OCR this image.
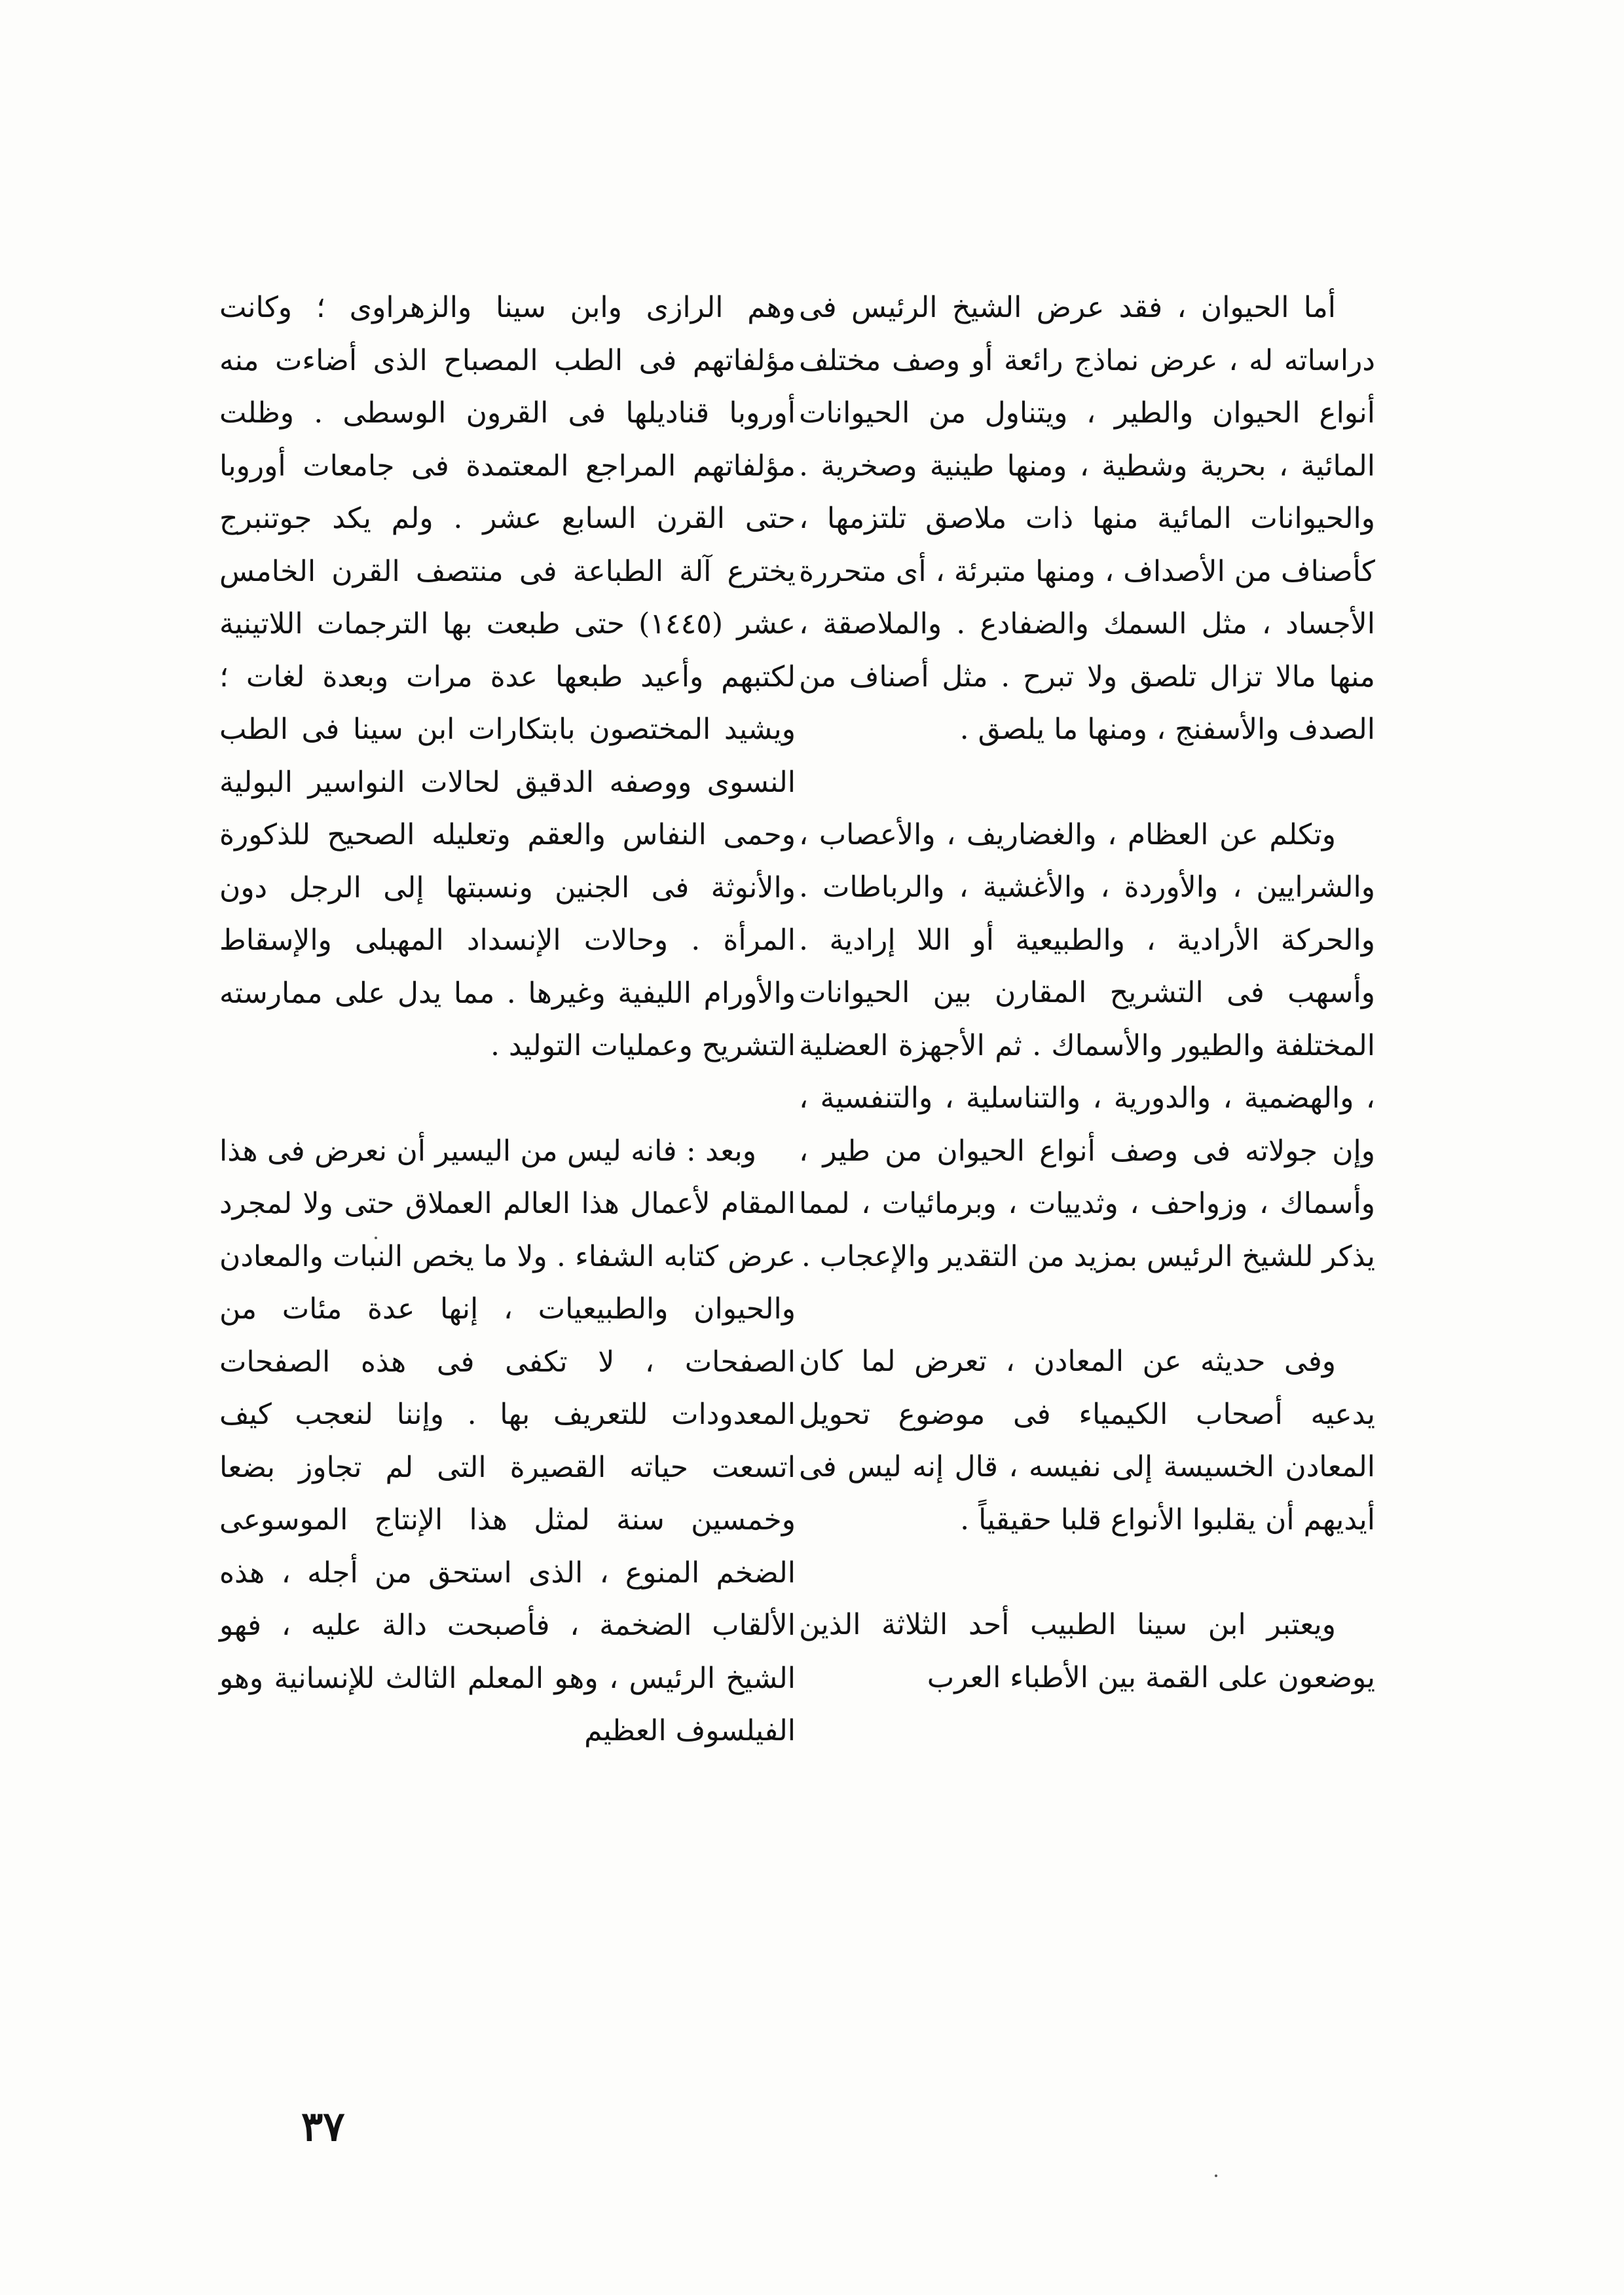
أما الحيوان ، فقد عرض الشيخ الرئيس فى دراساته له ، عرض نماذج رائعة أو وصف مختلف أنواع الحيوان والطير ، ويتناول من الحيوانات المائية ، بحرية وشطية ، ومنها طينية وصخرية . والحيوانات المائية منها ذات ملاصق تلتزمها ، كأصناف من الأصداف ، ومنها متبرئة ، أى متحررة الأجساد ، مثل السمك والضفادع . والملاصقة ، منها مالا تزال تلصق ولا تبرح . مثل أصناف من الصدف والأسفنج ، ومنها ما يلصق .

وتكلم عن العظام ، والغضاريف ، والأعصاب ، والشرايين ، والأوردة ، والأغشية ، والرباطات . والحركة الأرادية ، والطبيعية أو اللا إرادية . وأسهب فى التشريح المقارن بين الحيوانات المختلفة والطيور والأسماك . ثم الأجهزة العضلية ، والهضمية ، والدورية ، والتناسلية ، والتنفسية ، وإن جولاته فى وصف أنواع الحيوان من طير ، وأسماك ، وزواحف ، وثدييات ، وبرمائيات ، لمما يذكر للشيخ الرئيس بمزيد من التقدير والإعجاب .

وفى حديثه عن المعادن ، تعرض لما كان يدعيه أصحاب الكيمياء فى موضوع تحويل المعادن الخسيسة إلى نفيسه ، قال إنه ليس فى أيديهم أن يقلبوا الأنواع قلبا حقيقياً .

ويعتبر ابن سينا الطبيب أحد الثلاثة الذين يوضعون على القمة بين الأطباء العرب

وهم الرازى وابن سينا والزهراوى ؛ وكانت مؤلفاتهم فى الطب المصباح الذى أضاءت منه أوروبا قناديلها فى القرون الوسطى . وظلت مؤلفاتهم المراجع المعتمدة فى جامعات أوروبا حتى القرن السابع عشر . ولم يكد جوتنبرج يخترع آلة الطباعة فى منتصف القرن الخامس عشر (١٤٤٥) حتى طبعت بها الترجمات اللاتينية لكتبهم وأعيد طبعها عدة مرات وبعدة لغات ؛ ويشيد المختصون بابتكارات ابن سينا فى الطب النسوى ووصفه الدقيق لحالات النواسير البولية وحمى النفاس والعقم وتعليله الصحيح للذكورة والأنوثة فى الجنين ونسبتها إلى الرجل دون المرأة . وحالات الإنسداد المهبلى والإسقاط والأورام الليفية وغيرها . مما يدل على ممارسته التشريح وعمليات التوليد .

وبعد : فانه ليس من اليسير أن نعرض فى هذا المقام لأعمال هذا العالم العملاق حتى ولا لمجرد عرض كتابه الشفاء . ولا ما يخص النبات والمعادن والحيوان والطبيعيات ، إنها عدة مئات من الصفحات ، لا تكفى فى هذه الصفحات المعدودات للتعريف بها . وإننا لنعجب كيف اتسعت حياته القصيرة التى لم تجاوز بضعا وخمسين سنة لمثل هذا الإنتاج الموسوعى الضخم المنوع ، الذى استحق من أجله ، هذه الألقاب الضخمة ، فأصبحت دالة عليه ، فهو الشيخ الرئيس ، وهو المعلم الثالث للإنسانية وهو الفيلسوف العظيم

٣٧
